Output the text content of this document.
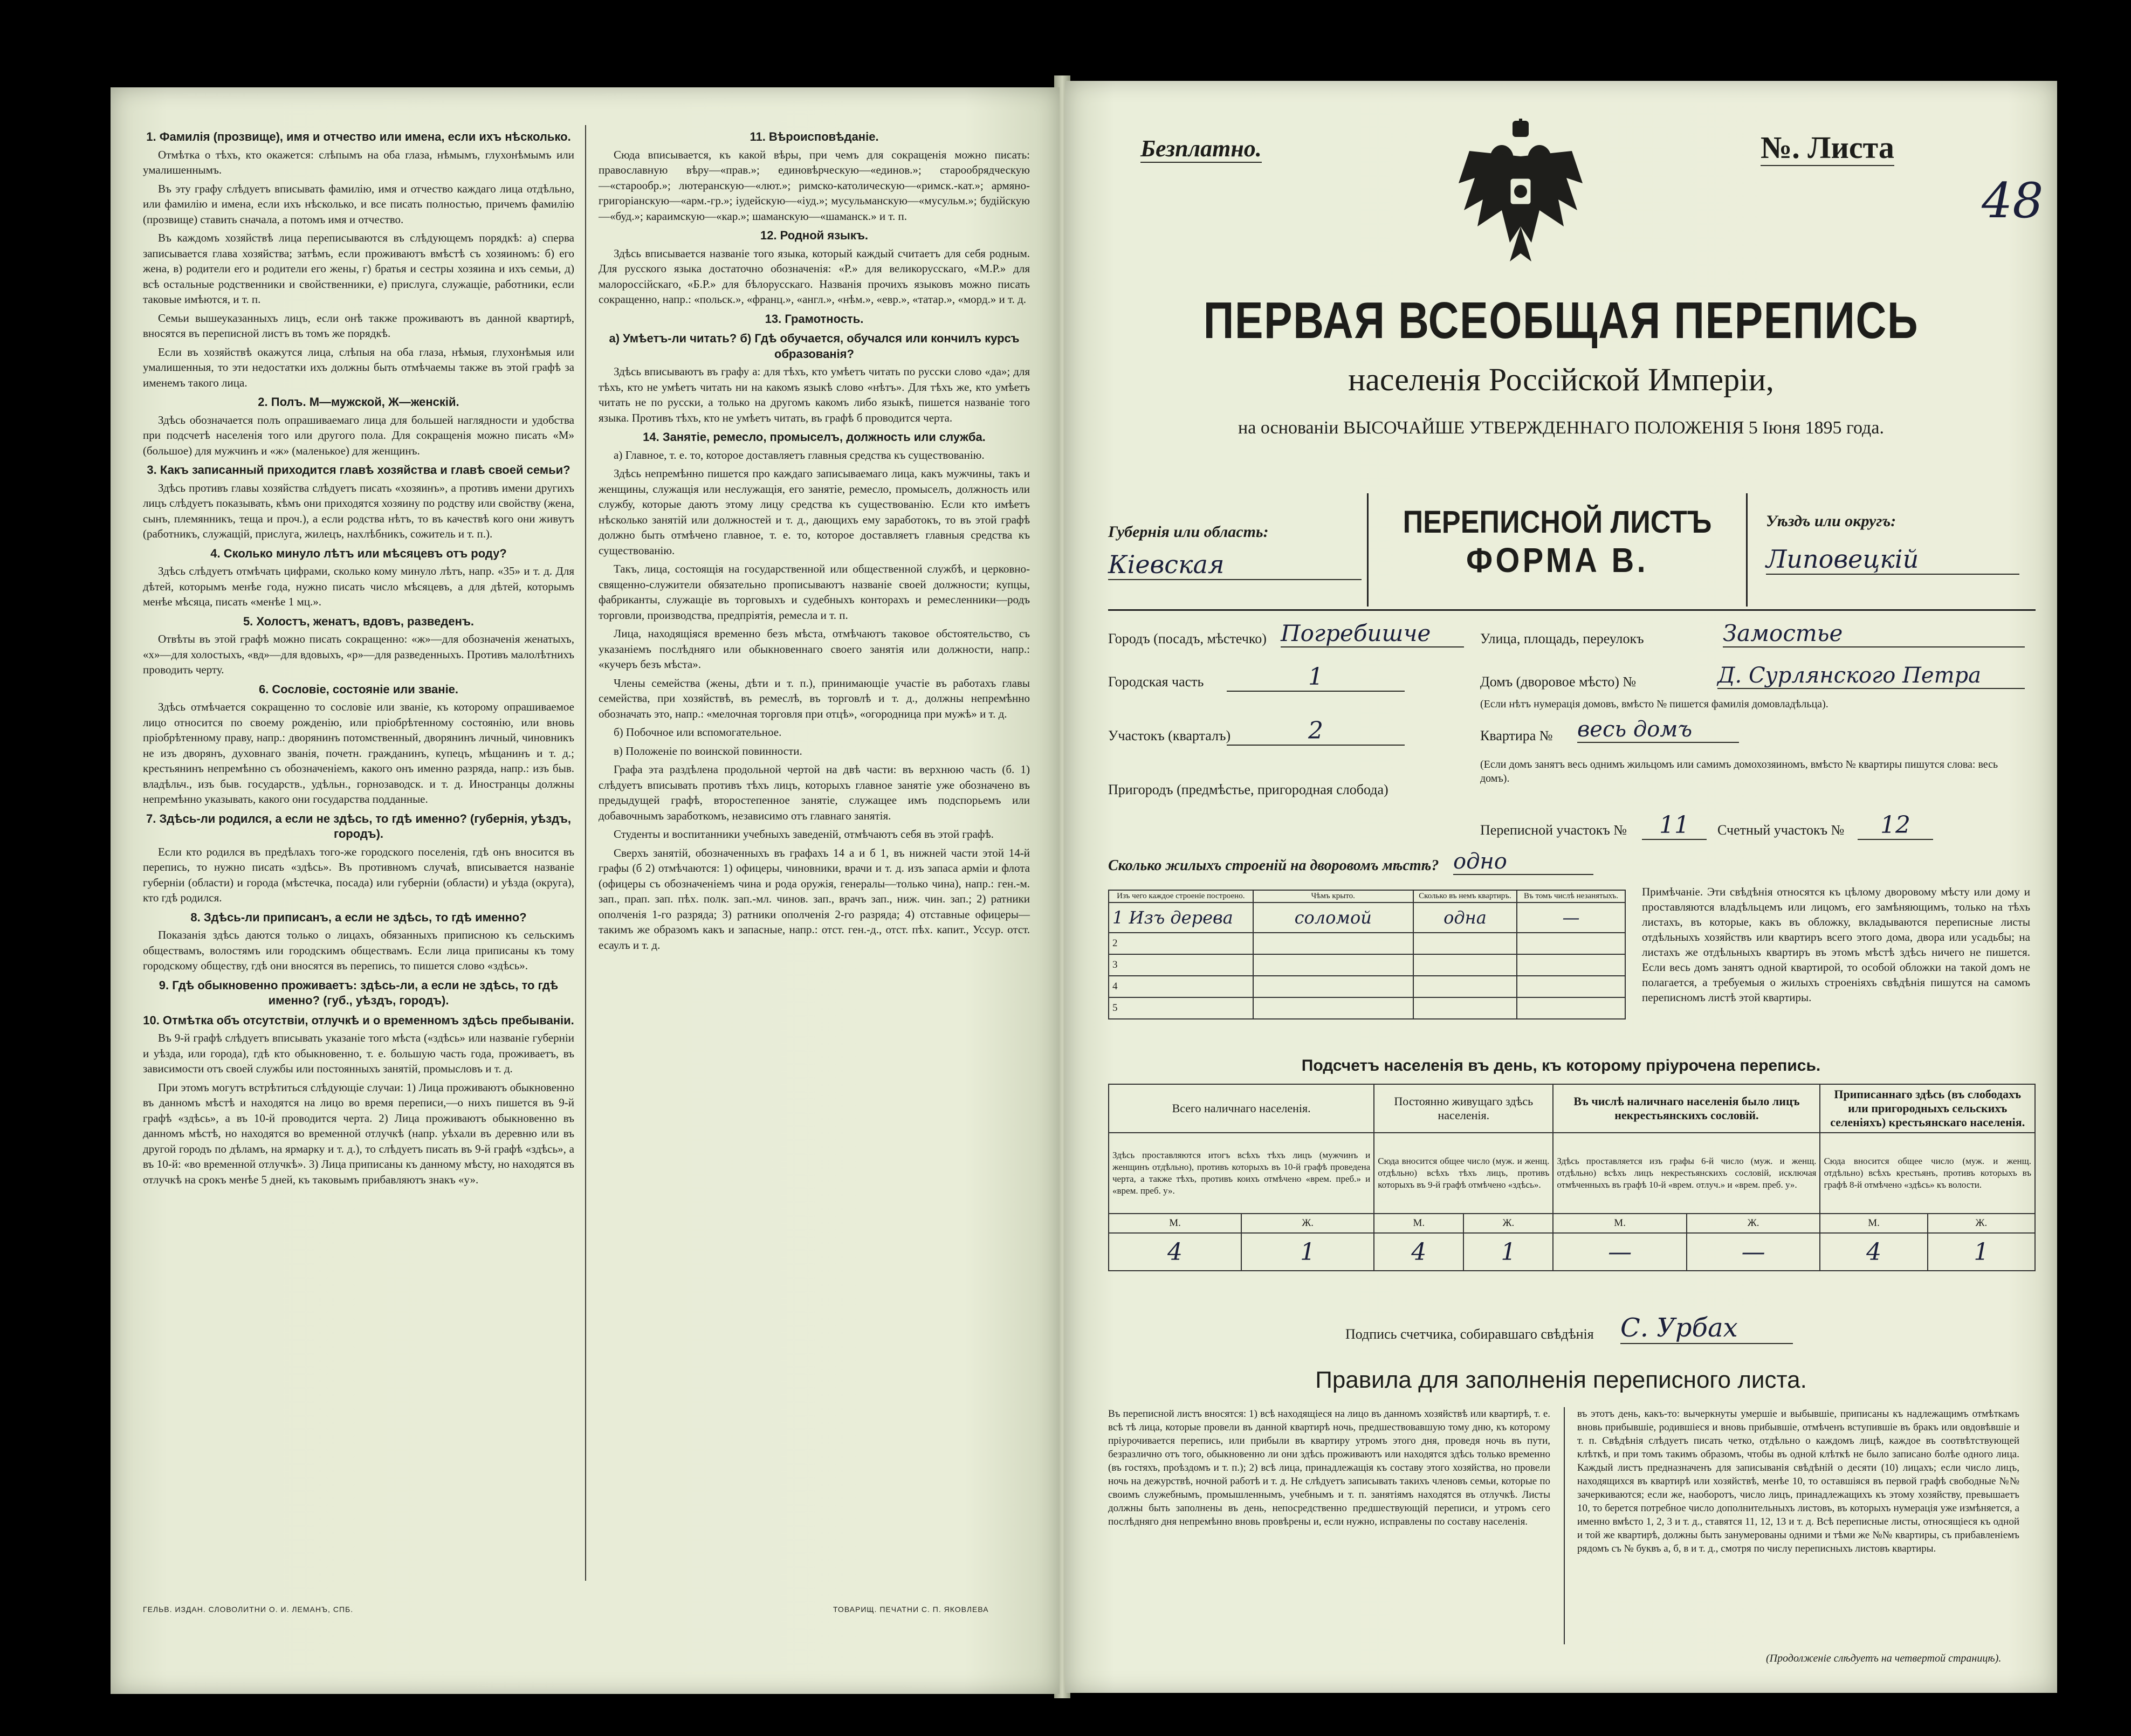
1. Фамилія (прозвище), имя и отчество или имена, если ихъ нѣсколько.

Отмѣтка о тѣхъ, кто окажется: слѣпымъ на оба глаза, нѣмымъ, глухонѣмымъ или умалишеннымъ.

Въ эту графу слѣдуетъ вписывать фамилію, имя и отчество каждаго лица отдѣльно, или фамилію и имена, если ихъ нѣсколько, и все писать полностью, причемъ фамилію (прозвище) ставить сначала, а потомъ имя и отчество.

Въ каждомъ хозяйствѣ лица переписываются въ слѣдующемъ порядкѣ: а) сперва записывается глава хозяйства; затѣмъ, если проживаютъ вмѣстѣ съ хозяиномъ: б) его жена, в) родители его и родители его жены, г) братья и сестры хозяина и ихъ семьи, д) всѣ остальные родственники и свойственники, е) прислуга, служащіе, работники, если таковые имѣются, и т. п.

Семьи вышеуказанныхъ лицъ, если онѣ также проживаютъ въ данной квартирѣ, вносятся въ переписной листъ въ томъ же порядкѣ.

Если въ хозяйствѣ окажутся лица, слѣпыя на оба глаза, нѣмыя, глухонѣмыя или умалишенныя, то эти недостатки ихъ должны быть отмѣчаемы также въ этой графѣ за именемъ такого лица.

2. Полъ. М—мужской, Ж—женскій.

Здѣсь обозначается полъ опрашиваемаго лица для большей наглядности и удобства при подсчетѣ населенія того или другого пола. Для сокращенія можно писать «М» (большое) для мужчинъ и «ж» (маленькое) для женщинъ.

3. Какъ записанный приходится главѣ хозяйства и главѣ своей семьи?

Здѣсь противъ главы хозяйства слѣдуетъ писать «хозяинъ», а противъ имени другихъ лицъ слѣдуетъ показывать, кѣмъ они приходятся хозяину по родству или свойству (жена, сынъ, племянникъ, теща и проч.), а если родства нѣтъ, то въ качествѣ кого они живутъ (работникъ, служащій, прислуга, жилецъ, нахлѣбникъ, сожитель и т. п.).

4. Сколько минуло лѣтъ или мѣсяцевъ отъ роду?

Здѣсь слѣдуетъ отмѣчать цифрами, сколько кому минуло лѣтъ, напр. «35» и т. д. Для дѣтей, которымъ менѣе года, нужно писать число мѣсяцевъ, а для дѣтей, которымъ менѣе мѣсяца, писать «менѣе 1 мц.».

5. Холостъ, женатъ, вдовъ, разведенъ.

Отвѣты въ этой графѣ можно писать сокращенно: «ж»—для обозначенія женатыхъ, «х»—для холостыхъ, «вд»—для вдовыхъ, «р»—для разведенныхъ. Противъ малолѣтнихъ проводить черту.

6. Сословіе, состояніе или званіе.

Здѣсь отмѣчается сокращенно то сословіе или званіе, къ которому опрашиваемое лицо относится по своему рожденію, или пріобрѣтенному состоянію, или вновь пріобрѣтенному праву, напр.: дворянинъ потомственный, дворянинъ личный, чиновникъ не изъ дворянъ, духовнаго званія, почетн. гражданинъ, купецъ, мѣщанинъ и т. д.; крестьянинъ непремѣнно съ обозначеніемъ, какого онъ именно разряда, напр.: изъ быв. владѣльч., изъ быв. государств., удѣльн., горнозаводск. и т. д. Иностранцы должны непремѣнно указывать, какого они государства подданные.

7. Здѣсь-ли родился, а если не здѣсь, то гдѣ именно? (губернія, уѣздъ, городъ).

Если кто родился въ предѣлахъ того-же городского поселенія, гдѣ онъ вносится въ перепись, то нужно писать «здѣсь». Въ противномъ случаѣ, вписывается названіе губерніи (области) и города (мѣстечка, посада) или губерніи (области) и уѣзда (округа), кто гдѣ родился.

8. Здѣсь-ли приписанъ, а если не здѣсь, то гдѣ именно?

Показанія здѣсь даются только о лицахъ, обязанныхъ приписною къ сельскимъ обществамъ, волостямъ или городскимъ обществамъ. Если лица приписаны къ тому городскому обществу, гдѣ они вносятся въ перепись, то пишется слово «здѣсь».

9. Гдѣ обыкновенно проживаетъ: здѣсь-ли, а если не здѣсь, то гдѣ именно? (губ., уѣздъ, городъ).

10. Отмѣтка объ отсутствіи, отлучкѣ и о временномъ здѣсь пребываніи.

Въ 9-й графѣ слѣдуетъ вписывать указаніе того мѣста («здѣсь» или названіе губерніи и уѣзда, или города), гдѣ кто обыкновенно, т. е. большую часть года, проживаетъ, въ зависимости отъ своей службы или постоянныхъ занятій, промысловъ и т. д.

При этомъ могутъ встрѣтиться слѣдующіе случаи: 1) Лица проживаютъ обыкновенно въ данномъ мѣстѣ и находятся на лицо во время переписи,—о нихъ пишется въ 9-й графѣ «здѣсь», а въ 10-й проводится черта. 2) Лица проживаютъ обыкновенно въ данномъ мѣстѣ, но находятся во временной отлучкѣ (напр. уѣхали въ деревню или въ другой городъ по дѣламъ, на ярмарку и т. д.), то слѣдуетъ писать въ 9-й графѣ «здѣсь», а въ 10-й: «во временной отлучкѣ». 3) Лица приписаны къ данному мѣсту, но находятся въ отлучкѣ на срокъ менѣе 5 дней, къ таковымъ прибавляютъ знакъ «у».

11. Вѣроисповѣданіе.

Сюда вписывается, къ какой вѣры, при чемъ для сокращенія можно писать: православную вѣру—«прав.»; единовѣрческую—«единов.»; старообрядческую—«старообр.»; лютеранскую—«лют.»; римско-католическую—«римск.-кат.»; армяно-григоріанскую—«арм.-гр.»; іудейскую—«іуд.»; мусульманскую—«мусульм.»; будійскую—«буд.»; караимскую—«кар.»; шаманскую—«шаманск.» и т. п.

12. Родной языкъ.

Здѣсь вписывается названіе того языка, который каждый считаетъ для себя родным. Для русского языка достаточно обозначенія: «Р.» для великорусскаго, «М.Р.» для малороссійскаго, «Б.Р.» для бѣлорусскаго. Названія прочихъ языковъ можно писать сокращенно, напр.: «польск.», «франц.», «англ.», «нѣм.», «евр.», «татар.», «морд.» и т. д.

13. Грамотность.

а) Умѣетъ-ли читать? б) Гдѣ обучается, обучался или кончилъ курсъ образованія?

Здѣсь вписываютъ въ графу а: для тѣхъ, кто умѣетъ читать по русски слово «да»; для тѣхъ, кто не умѣетъ читать ни на какомъ языкѣ слово «нѣтъ». Для тѣхъ же, кто умѣетъ читать не по русски, а только на другомъ какомъ либо языкѣ, пишется названіе того языка. Противъ тѣхъ, кто не умѣетъ читать, въ графѣ б проводится черта.

14. Занятіе, ремесло, промыселъ, должность или служба.

а) Главное, т. е. то, которое доставляетъ главныя средства къ существованію.

Здѣсь непремѣнно пишется про каждаго записываемаго лица, какъ мужчины, такъ и женщины, служащія или неслужащія, его занятіе, ремесло, промыселъ, должность или службу, которые даютъ этому лицу средства къ существованію. Если кто имѣетъ нѣсколько занятій или должностей и т. д., дающихъ ему заработокъ, то въ этой графѣ должно быть отмѣчено главное, т. е. то, которое доставляетъ главныя средства къ существованію.

Такъ, лица, состоящія на государственной или общественной службѣ, и церковно-священно-служители обязательно прописываютъ названіе своей должности; купцы, фабриканты, служащіе въ торговыхъ и судебныхъ конторахъ и ремесленники—родъ торговли, производства, предпріятія, ремесла и т. п.

Лица, находящіяся временно безъ мѣста, отмѣчаютъ таковое обстоятельство, съ указаніемъ послѣдняго или обыкновеннаго своего занятія или должности, напр.: «кучеръ безъ мѣста».

Члены семейства (жены, дѣти и т. п.), принимающіе участіе въ работахъ главы семейства, при хозяйствѣ, въ ремеслѣ, въ торговлѣ и т. д., должны непремѣнно обозначать это, напр.: «мелочная торговля при отцѣ», «огородница при мужѣ» и т. д.

б) Побочное или вспомогательное.

в) Положеніе по воинской повинности.

Графа эта раздѣлена продольной чертой на двѣ части: въ верхнюю часть (б. 1) слѣдуетъ вписывать противъ тѣхъ лицъ, которыхъ главное занятіе уже обозначено въ предыдущей графѣ, второстепенное занятіе, служащее имъ подспорьемъ или добавочнымъ заработкомъ, независимо отъ главнаго занятія.

Студенты и воспитанники учебныхъ заведеній, отмѣчаютъ себя въ этой графѣ.

Сверхъ занятій, обозначенныхъ въ графахъ 14 а и б 1, въ нижней части этой 14-й графы (б 2) отмѣчаются: 1) офицеры, чиновники, врачи и т. д. изъ запаса арміи и флота (офицеры съ обозначеніемъ чина и рода оружія, генералы—только чина), напр.: ген.-м. зап., прап. зап. пѣх. полк. зап.-мл. чинов. зап., врачъ зап., ниж. чин. зап.; 2) ратники ополченія 1-го разряда; 3) ратники ополченія 2-го разряда; 4) отставные офицеры—такимъ же образомъ какъ и запасные, напр.: отст. ген.-д., отст. пѣх. капит., Уссур. отст. есаулъ и т. д.

ГЕЛЬВ. ИЗДАН. СЛОВОЛИТНИ О. И. ЛЕМАНЪ, СПБ.	ТОВАРИЩ. ПЕЧАТНИ С. П. ЯКОВЛЕВА
Безплатно.	№. Листа
48
ПЕРВАЯ ВСЕОБЩАЯ ПЕРЕПИСЬ
населенія Россійской Имперіи,
на основаніи ВЫСОЧАЙШЕ УТВЕРЖДЕННАГО ПОЛОЖЕНІЯ 5 Іюня 1895 года.
Губернія или область:
Кіевская
ПЕРЕПИСНОЙ ЛИСТЪ
ФОРМА В.
Уѣздъ или округъ:
Липовецкій
Городъ (посадъ, мѣстечко) Погребишчe	Улица, площадь, переулокъ	Замостье
Городская часть	1	Домъ (дворовое мѣсто) №	Д. Сурлянского Петра
(Если нѣтъ нумерація домовъ, вмѣсто № пишется фамилія домовладѣльца).
Участокъ (кварталъ)	2	Квартира № весь домъ
Пригородъ (предмѣстье, пригородная слобода)
(Если домъ занятъ весь однимъ жильцомъ или самимъ домохозяиномъ, вмѣсто № квартиры пишутся слова: весь домъ).
Переписной участокъ №	11	Счетный участокъ №	12
Сколько жилыхъ строеній на дворовомъ мѣстѣ? одно
Изъ чего каждое строеніе построено.	Чѣмъ крыто.	Сколько въ немъ квартиръ.	Въ томъ числѣ незанятыхъ.
1 Изъ дерева	соломой	одна	—
2			
3			
4			
5			
Примѣчаніе. Эти свѣдѣнія относятся къ цѣлому дворовому мѣсту или дому и проставляются владѣльцемъ или лицомъ, его замѣняющимъ, только на тѣхъ листахъ, въ которые, какъ въ обложку, вкладываются переписные листы отдѣльныхъ хозяйствъ или квартиръ всего этого дома, двора или усадьбы; на листахъ же отдѣльныхъ квартиръ въ этомъ мѣстѣ здѣсь ничего не пишется. Если весь домъ занятъ одной квартирой, то особой обложки на такой домъ не полагается, а требуемыя о жилыхъ строеніяхъ свѣдѣнія пишутся на самомъ переписномъ листѣ этой квартиры.
Подсчетъ населенія въ день, къ которому пріурочена перепись.
Всего наличнаго населенія.		Постоянно живущаго здѣсь населенія.		Въ числѣ наличнаго населенія было лицъ некрестьянскихъ сословій.		Приписаннаго здѣсь (въ слободахъ или пригородныхъ сельскихъ селеніяхъ) крестьянскаго населенія.	
Здѣсь проставляются итогъ всѣхъ тѣхъ лицъ (мужчинъ и женщинъ отдѣльно), противъ которыхъ въ 10-й графѣ проведена черта, а также тѣхъ, противъ коихъ отмѣчено «врем. преб.» и «врем. преб. у».		Сюда вносится общее число (муж. и женщ. отдѣльно) всѣхъ тѣхъ лицъ, противъ которыхъ въ 9-й графѣ отмѣчено «здѣсь».		Здѣсь проставляется изъ графы 6-й число (муж. и женщ. отдѣльно) всѣхъ лицъ некрестьянскихъ сословій, исключая отмѣченныхъ въ графѣ 10-й «врем. отлуч.» и «врем. преб. у».		Сюда вносится общее число (муж. и женщ. отдѣльно) всѣхъ крестьянъ, противъ которыхъ въ графѣ 8-й отмѣчено «здѣсь» къ волости.	
М.	Ж.	М.	Ж.	М.	Ж.	М.	Ж.
4	1	4	1	—	—	4	1
Подпись счетчика, собиравшаго свѣдѣнія С. Урбах
Правила для заполненія переписного листа.
Въ переписной листъ вносятся: 1) всѣ находящіеся на лицо въ данномъ хозяйствѣ или квартирѣ, т. е. всѣ тѣ лица, которые провели въ данной квартирѣ ночь, предшествовавшую тому дню, къ которому пріурочивается перепись, или прибыли въ квартиру утромъ этого дня, проведя ночь въ пути, безразлично отъ того, обыкновенно ли они здѣсь проживаютъ или находятся здѣсь только временно (въ гостяхъ, проѣздомъ и т. п.); 2) всѣ лица, принадлежащія къ составу этого хозяйства, но провели ночь на дежурствѣ, ночной работѣ и т. д. Не слѣдуетъ записывать такихъ членовъ семьи, которые по своимъ служебнымъ, промышленнымъ, учебнымъ и т. п. занятіямъ находятся въ отлучкѣ. Листы должны быть заполнены въ день, непосредственно предшествующій переписи, и утромъ сего послѣдняго дня непремѣнно вновь провѣрены и, если нужно, исправлены по составу населенія.
въ этотъ день, какъ-то: вычеркнуты умершіе и выбывшіе, приписаны къ надлежащимъ отмѣткамъ вновь прибывшіе, родившіеся и вновь прибывшіе, отмѣченъ вступившіе въ бракъ или овдовѣвшіе и т. п. Свѣдѣнія слѣдуетъ писать четко, отдѣльно о каждомъ лицѣ, каждое въ соотвѣтствующей клѣткѣ, и при томъ такимъ образомъ, чтобы въ одной клѣткѣ не было записано болѣе одного лица. Каждый листъ предназначенъ для записыванія свѣдѣній о десяти (10) лицахъ; если число лицъ, находящихся въ квартирѣ или хозяйствѣ, менѣе 10, то оставшіяся въ первой графѣ свободные №№ зачеркиваются; если же, наоборотъ, число лицъ, принадлежащихъ къ этому хозяйству, превышаетъ 10, то берется потребное число дополнительныхъ листовъ, въ которыхъ нумерація уже измѣняется, а именно вмѣсто 1, 2, 3 и т. д., ставятся 11, 12, 13 и т. д. Всѣ переписные листы, относящіеся къ одной и той же квартирѣ, должны быть занумерованы одними и тѣми же №№ квартиры, съ прибавленіемъ рядомъ съ № буквъ а, б, в и т. д., смотря по числу переписныхъ листовъ квартиры.
(Продолженіе слѣдуетъ на четвертой страницѣ).
